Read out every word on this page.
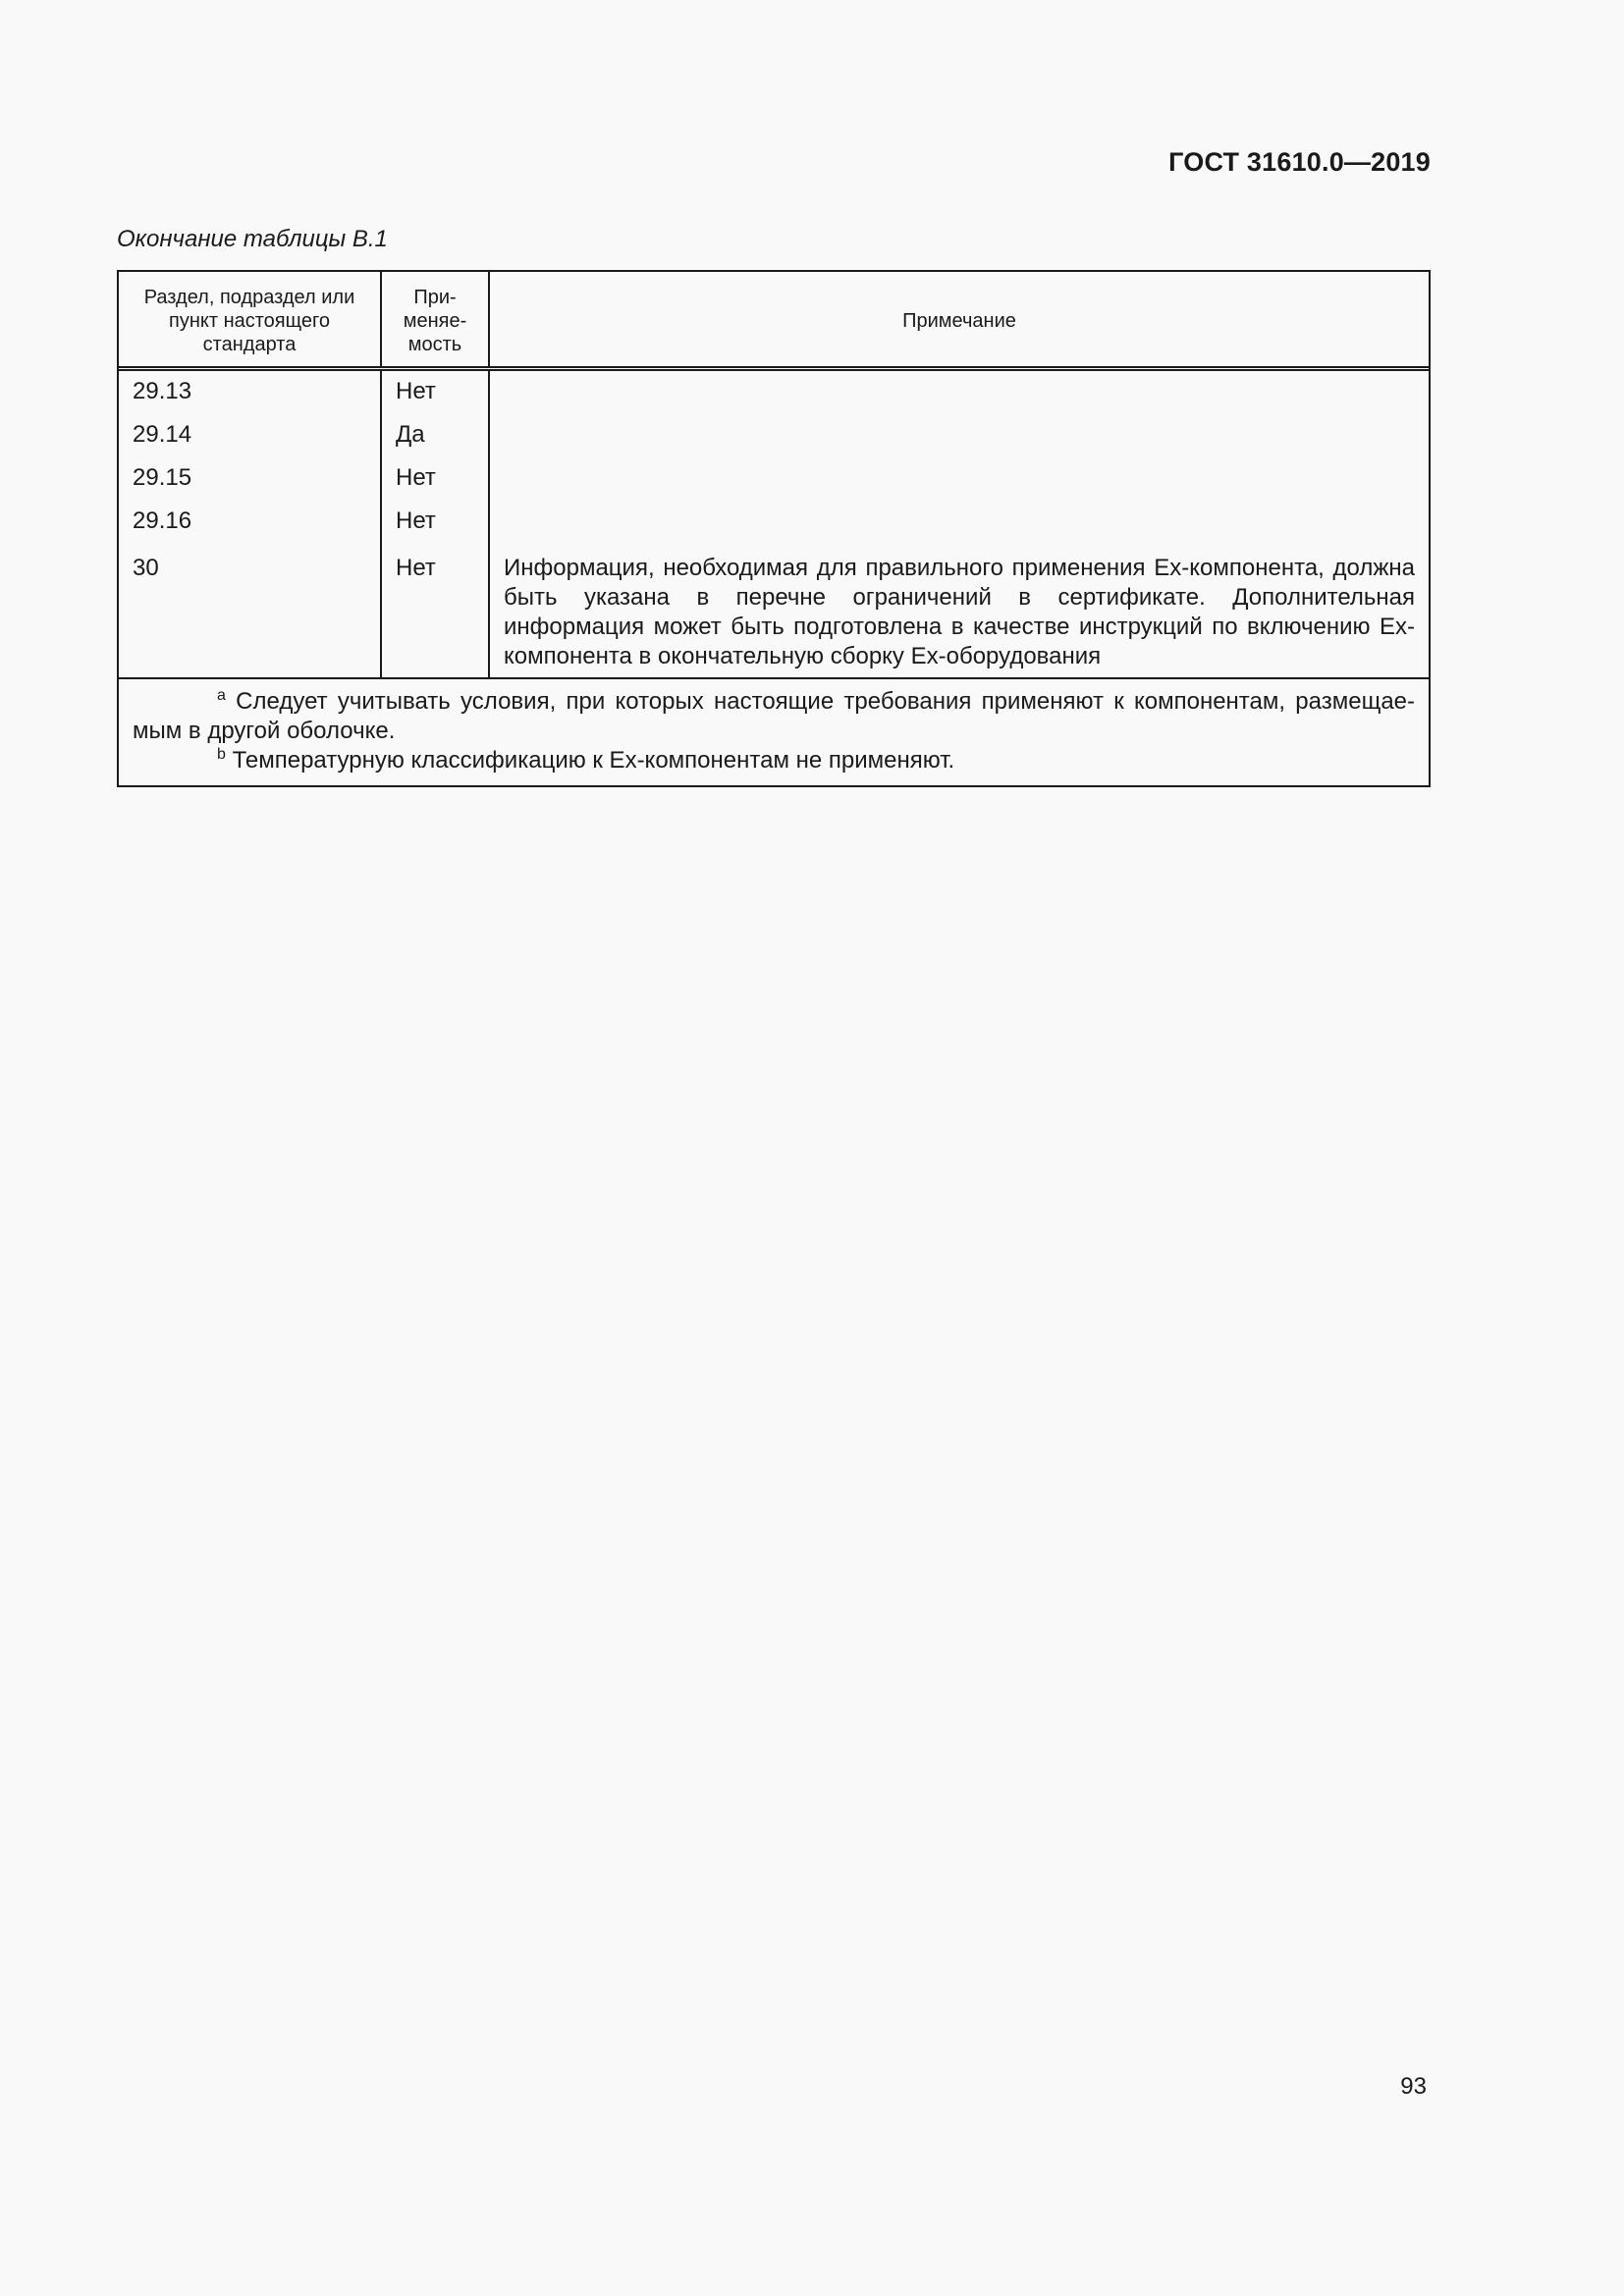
ГОСТ 31610.0—2019
Окончание таблицы В.1
Раздел, подраздел или пункт настоящего стандарта	При-меняе-мость	Примечание
29.13	Нет	
29.14	Да	
29.15	Нет	
29.16	Нет	
30	Нет	Информация, необходимая для правильного применения Ex-компонента, должна быть указана в перечне ограничений в сертификате. Дополнительная информация может быть подготовлена в качестве инструкций по включению Ex-компонента в окончательную сборку Ex-оборудования
$^a$ Следует учитывать условия, при которых настоящие требования применяют к компонентам, размещае-мым в другой оболочке.
$^b$ Температурную классификацию к Ex-компонентам не применяют.
93
